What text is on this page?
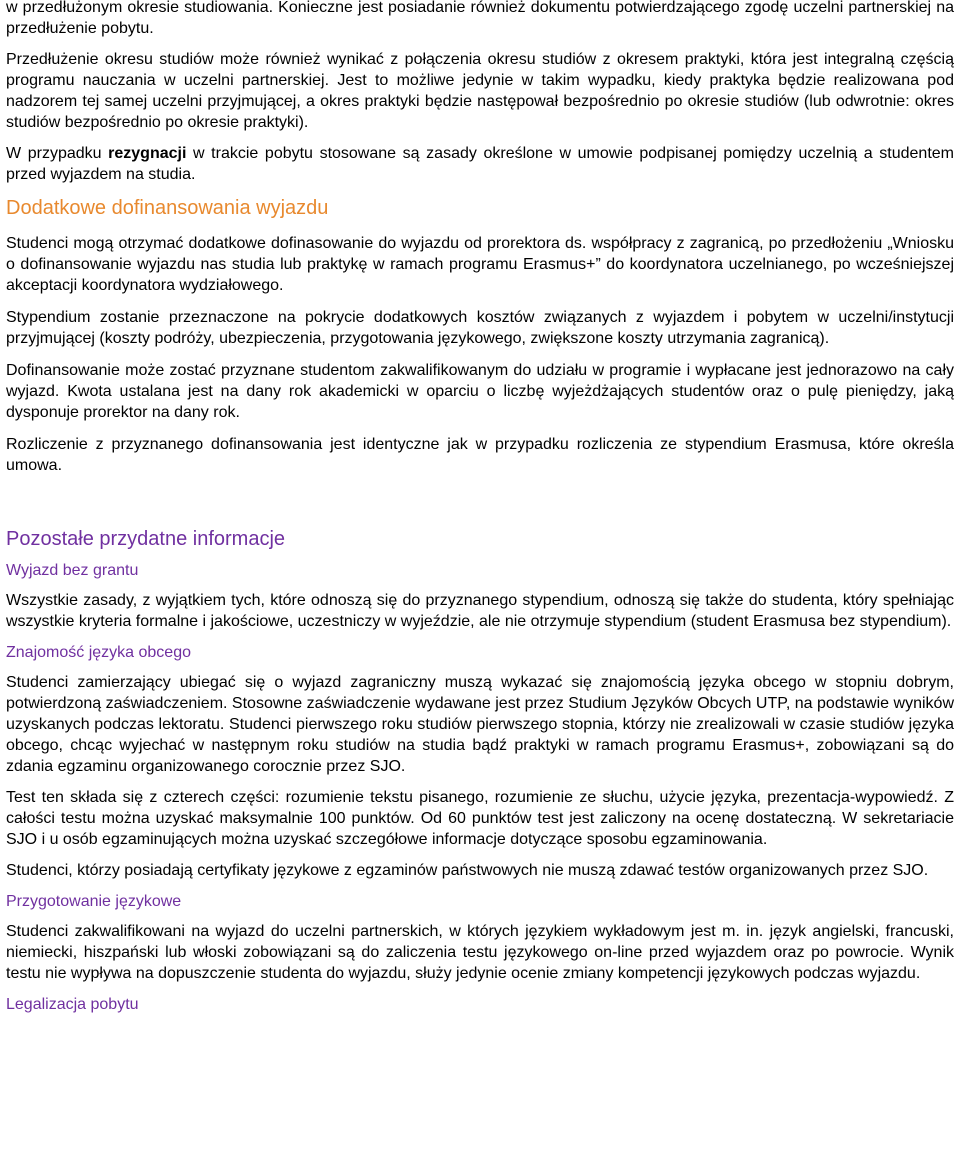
w przedłużonym okresie studiowania. Konieczne jest posiadanie również dokumentu potwierdzającego zgodę uczelni partnerskiej na przedłużenie pobytu.

Przedłużenie okresu studiów może również wynikać z połączenia okresu studiów z okresem praktyki, która jest integralną częścią programu nauczania w uczelni partnerskiej. Jest to możliwe jedynie w takim wypadku, kiedy praktyka będzie realizowana pod nadzorem tej samej uczelni przyjmującej, a okres praktyki będzie następował bezpośrednio po okresie studiów (lub odwrotnie: okres studiów bezpośrednio po okresie praktyki).

W przypadku rezygnacji w trakcie pobytu stosowane są zasady określone w umowie podpisanej pomiędzy uczelnią a studentem przed wyjazdem na studia.

Dodatkowe dofinansowania wyjazdu

Studenci mogą otrzymać dodatkowe dofinasowanie do wyjazdu od prorektora ds. współpracy z zagranicą, po przedłożeniu „Wniosku o dofinansowanie wyjazdu nas studia lub praktykę w ramach programu Erasmus+” do koordynatora uczelnianego, po wcześniejszej akceptacji koordynatora wydziałowego.

Stypendium zostanie przeznaczone na pokrycie dodatkowych kosztów związanych z wyjazdem i pobytem w uczelni/instytucji przyjmującej (koszty podróży, ubezpieczenia, przygotowania językowego, zwiększone koszty utrzymania zagranicą).

Dofinansowanie może zostać przyznane studentom zakwalifikowanym do udziału w programie i wypłacane jest jednorazowo na cały wyjazd. Kwota ustalana jest na dany rok akademicki w oparciu o liczbę wyjeżdżających studentów oraz o pulę pieniędzy, jaką dysponuje prorektor na dany rok.

Rozliczenie z przyznanego dofinansowania jest identyczne jak w przypadku rozliczenia ze stypendium Erasmusa, które określa umowa.

Pozostałe przydatne informacje
Wyjazd bez grantu

Wszystkie zasady, z wyjątkiem tych, które odnoszą się do przyznanego stypendium, odnoszą się także do studenta, który spełniając wszystkie kryteria formalne i jakościowe, uczestniczy w wyjeździe, ale nie otrzymuje stypendium (student Erasmusa bez stypendium).

Znajomość języka obcego

Studenci zamierzający ubiegać się o wyjazd zagraniczny muszą wykazać się znajomością języka obcego w stopniu dobrym, potwierdzoną zaświadczeniem. Stosowne zaświadczenie wydawane jest przez Studium Języków Obcych UTP, na podstawie wyników uzyskanych podczas lektoratu. Studenci pierwszego roku studiów pierwszego stopnia, którzy nie zrealizowali w czasie studiów języka obcego, chcąc wyjechać w następnym roku studiów na studia bądź praktyki w ramach programu Erasmus+, zobowiązani są do zdania egzaminu organizowanego corocznie przez SJO.

Test ten składa się z czterech części: rozumienie tekstu pisanego, rozumienie ze słuchu, użycie języka, prezentacja-wypowiedź. Z całości testu można uzyskać maksymalnie 100 punktów. Od 60 punktów test jest zaliczony na ocenę dostateczną. W sekretariacie SJO i u osób egzaminujących można uzyskać szczegółowe informacje dotyczące sposobu egzaminowania.

Studenci, którzy posiadają certyfikaty językowe z egzaminów państwowych nie muszą zdawać testów organizowanych przez SJO.

Przygotowanie językowe

Studenci zakwalifikowani na wyjazd do uczelni partnerskich, w których językiem wykładowym jest m. in. język angielski, francuski, niemiecki, hiszpański lub włoski zobowiązani są do zaliczenia testu językowego on-line przed wyjazdem oraz po powrocie. Wynik testu nie wypływa na dopuszczenie studenta do wyjazdu, służy jedynie ocenie zmiany kompetencji językowych podczas wyjazdu.

Legalizacja pobytu
